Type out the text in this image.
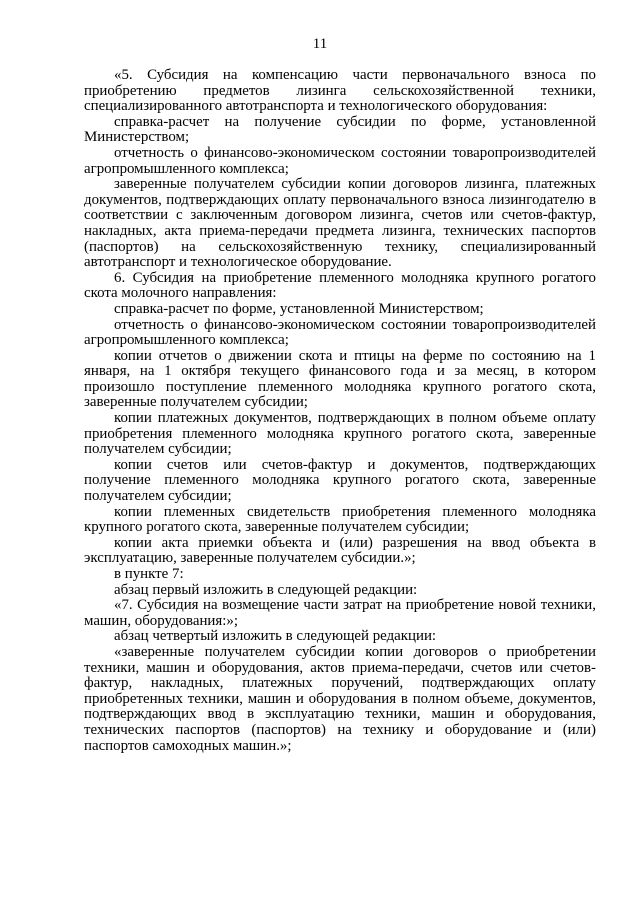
11

«5. Субсидия на компенсацию части первоначального взноса по приобретению предметов лизинга сельскохозяйственной техники, специализированного автотранспорта и технологического оборудования:

справка-расчет на получение субсидии по форме, установленной Министерством;

отчетность о финансово-экономическом состоянии товаропроизводителей агропромышленного комплекса;

заверенные получателем субсидии копии договоров лизинга, платежных документов, подтверждающих оплату первоначального взноса лизингодателю в соответствии с заключенным договором лизинга, счетов или счетов-фактур, накладных, акта приема-передачи предмета лизинга, технических паспортов (паспортов) на сельскохозяйственную технику, специализированный автотранспорт и технологическое оборудование.

6. Субсидия на приобретение племенного молодняка крупного рогатого скота молочного направления:

справка-расчет по форме, установленной Министерством;

отчетность о финансово-экономическом состоянии товаропроизводителей агропромышленного комплекса;

копии отчетов о движении скота и птицы на ферме по состоянию на 1 января, на 1 октября текущего финансового года и за месяц, в котором произошло поступление племенного молодняка крупного рогатого скота, заверенные получателем субсидии;

копии платежных документов, подтверждающих в полном объеме оплату приобретения племенного молодняка крупного рогатого скота, заверенные получателем субсидии;

копии счетов или счетов-фактур и документов, подтверждающих получение племенного молодняка крупного рогатого скота, заверенные получателем субсидии;

копии племенных свидетельств приобретения племенного молодняка крупного рогатого скота, заверенные получателем субсидии;

копии акта приемки объекта и (или) разрешения на ввод объекта в эксплуатацию, заверенные получателем субсидии.»;

в пункте 7:

абзац первый изложить в следующей редакции:

«7. Субсидия на возмещение части затрат на приобретение новой техники, машин, оборудования:»;

абзац четвертый изложить в следующей редакции:

«заверенные получателем субсидии копии договоров о приобретении техники, машин и оборудования, актов приема-передачи, счетов или счетов-фактур, накладных, платежных поручений, подтверждающих оплату приобретенных техники, машин и оборудования в полном объеме, документов, подтверждающих ввод в эксплуатацию техники, машин и оборудования, технических паспортов (паспортов) на технику и оборудование и (или) паспортов самоходных машин.»;
